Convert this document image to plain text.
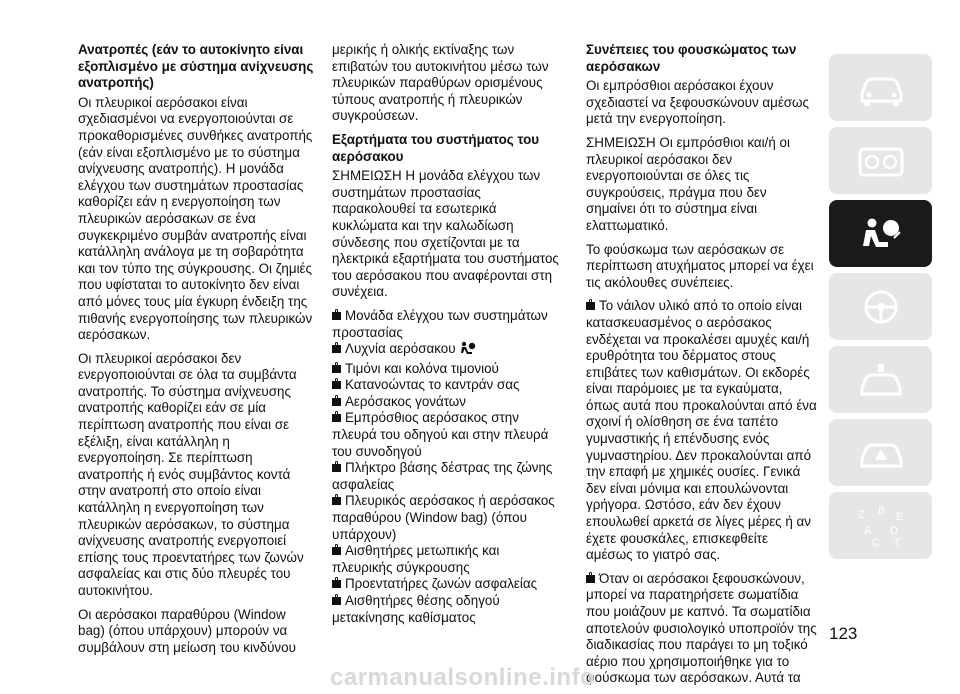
Ανατροπές (εάν το αυτοκίνητο είναι εξοπλισμένο με σύστημα ανίχνευσης ανατροπής)

Οι πλευρικοί αερόσακοι είναι σχεδιασμένοι να ενεργοποιούνται σε προκαθορισμένες συνθήκες ανατροπής (εάν είναι εξοπλισμένο με το σύστημα ανίχνευσης ανατροπής). Η μονάδα ελέγχου των συστημάτων προστασίας καθορίζει εάν η ενεργοποίηση των πλευρικών αερόσακων σε ένα συγκεκριμένο συμβάν ανατροπής είναι κατάλληλη ανάλογα με τη σοβαρότητα και τον τύπο της σύγκρουσης. Οι ζημιές που υφίσταται το αυτοκίνητο δεν είναι από μόνες τους μία έγκυρη ένδειξη της πιθανής ενεργοποίησης των πλευρικών αερόσακων.

Οι πλευρικοί αερόσακοι δεν ενεργοποιούνται σε όλα τα συμβάντα ανατροπής. Το σύστημα ανίχνευσης ανατροπής καθορίζει εάν σε μία περίπτωση ανατροπής που είναι σε εξέλιξη, είναι κατάλληλη η ενεργοποίηση. Σε περίπτωση ανατροπής ή ενός συμβάντος κοντά στην ανατροπή στο οποίο είναι κατάλληλη η ενεργοποίηση των πλευρικών αερόσακων, το σύστημα ανίχνευσης ανατροπής ενεργοποιεί επίσης τους προεντατήρες των ζωνών ασφαλείας και στις δύο πλευρές του αυτοκινήτου.

Οι αερόσακοι παραθύρου (Window bag) (όπου υπάρχουν) μπορούν να συμβάλουν στη μείωση του κινδύνου

μερικής ή ολικής εκτίναξης των επιβατών του αυτοκινήτου μέσω των πλευρικών παραθύρων ορισμένους τύπους ανατροπής ή πλευρικών συγκρούσεων.

Εξαρτήματα του συστήματος του αερόσακου

ΣΗΜΕΙΩΣΗ Η μονάδα ελέγχου των συστημάτων προστασίας παρακολουθεί τα εσωτερικά κυκλώματα και την καλωδίωση σύνδεσης που σχετίζονται με τα ηλεκτρικά εξαρτήματα του συστήματος του αερόσακου που αναφέρονται στη συνέχεια.

Μονάδα ελέγχου των συστημάτων προστασίας
Λυχνία αερόσακου
Τιμόνι και κολόνα τιμονιού
Κατανοώντας το καντράν σας
Αερόσακος γονάτων
Εμπρόσθιος αερόσακος στην πλευρά του οδηγού και στην πλευρά του συνοδηγού
Πλήκτρο βάσης δέστρας της ζώνης ασφαλείας
Πλευρικός αερόσακος ή αερόσακος παραθύρου (Window bag) (όπου υπάρχουν)
Αισθητήρες μετωπικής και πλευρικής σύγκρουσης
Προεντατήρες ζωνών ασφαλείας
Αισθητήρες θέσης οδηγού μετακίνησης καθίσματος

Συνέπειες του φουσκώματος των αερόσακων

Οι εμπρόσθιοι αερόσακοι έχουν σχεδιαστεί να ξεφουσκώνουν αμέσως μετά την ενεργοποίηση.

ΣΗΜΕΙΩΣΗ Οι εμπρόσθιοι και/ή οι πλευρικοί αερόσακοι δεν ενεργοποιούνται σε όλες τις συγκρούσεις, πράγμα που δεν σημαίνει ότι το σύστημα είναι ελαττωματικό.

Το φούσκωμα των αερόσακων σε περίπτωση ατυχήματος μπορεί να έχει τις ακόλουθες συνέπειες.

Το νάιλον υλικό από το οποίο είναι κατασκευασμένος ο αερόσακος ενδέχεται να προκαλέσει αμυχές και/ή ερυθρότητα του δέρματος στους επιβάτες των καθισμάτων. Οι εκδορές είναι παρόμοιες με τα εγκαύματα, όπως αυτά που προκαλούνται από ένα σχοινί ή ολίσθηση σε ένα ταπέτο γυμναστικής ή επένδυσης ενός γυμναστηρίου. Δεν προκαλούνται από την επαφή με χημικές ουσίες. Γενικά δεν είναι μόνιμα και επουλώνονται γρήγορα. Ωστόσο, εάν δεν έχουν επουλωθεί αρκετά σε λίγες μέρες ή αν έχετε φουσκάλες, επισκεφθείτε αμέσως το γιατρό σας.

Όταν οι αερόσακοι ξεφουσκώνουν, μπορεί να παρατηρήσετε σωματίδια που μοιάζουν με καπνό. Τα σωματίδια αποτελούν φυσιολογικό υποπροϊόν της διαδικασίας που παράγει το μη τοξικό αέριο που χρησιμοποιήθηκε για το φούσκωμα των αερόσακων. Αυτά τα

Z B E
A D
C T
123
carmanualsonline.info
